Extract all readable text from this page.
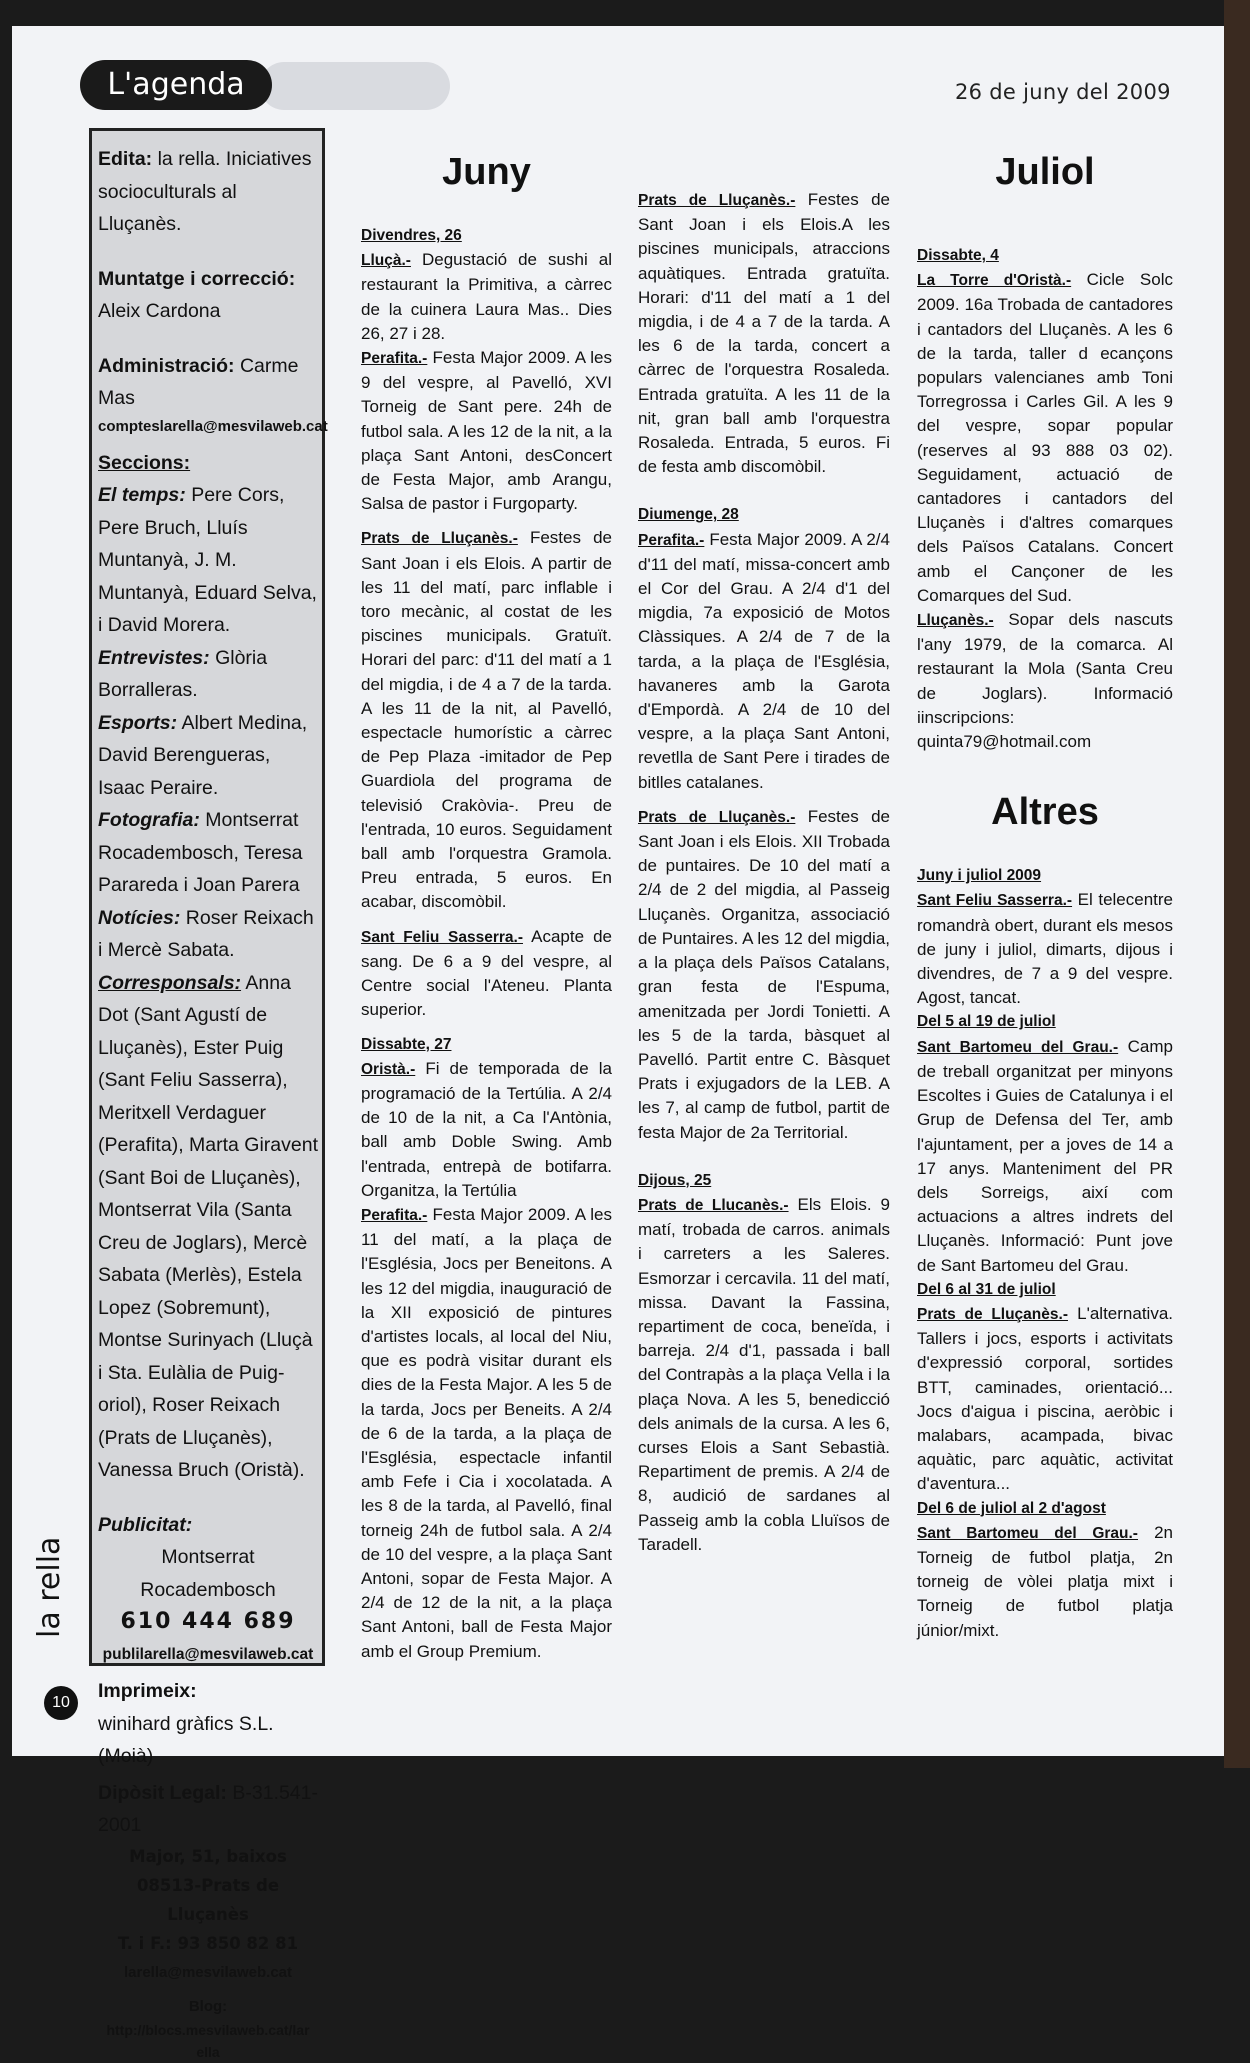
L'agenda	26 de juny del 2009

Edita: la rella. Iniciatives socioculturals al Lluçanès.

Muntatge i correcció: Aleix Cardona

Administració: Carme Mas

compteslarella@mesvilaweb.cat

Seccions:

El temps: Pere Cors, Pere Bruch, Lluís Muntanyà, J. M. Muntanyà, Eduard Selva, i David Morera.

Entrevistes: Glòria Borralleras.

Esports: Albert Medina, David Berengueras, Isaac Peraire.

Fotografia: Montserrat Rocadembosch, Teresa Parareda i Joan Parera

Notícies: Roser Reixach i Mercè Sabata.

Corresponsals: Anna Dot (Sant Agustí de Lluçanès), Ester Puig (Sant Feliu Sasserra), Meritxell Verdaguer (Perafita), Marta Giravent (Sant Boi de Lluçanès), Montserrat Vila (Santa Creu de Joglars), Mercè Sabata (Merlès), Estela Lopez (Sobremunt), Montse Surinyach (Lluçà i Sta. Eulàlia de Puig-oriol), Roser Reixach (Prats de Lluçanès), Vanessa Bruch (Oristà).

Publicitat:

Montserrat Rocadembosch

610 444 689

publilarella@mesvilaweb.cat

Imprimeix:

winihard gràfics S.L. (Moià)

Dipòsit Legal: B-31.541-2001

Major, 51, baixos

08513-Prats de Lluçanès

T. i F.: 93 850 82 81

larella@mesvilaweb.cat

Blog:

http://blocs.mesvilaweb.cat/larella

Juny
Divendres, 26

Lluçà.- Degustació de sushi al restaurant la Primitiva, a càrrec de la cuinera Laura Mas.. Dies 26, 27 i 28.

Perafita.- Festa Major 2009. A les 9 del vespre, al Pavelló, XVI Torneig de Sant pere. 24h de futbol sala. A les 12 de la nit, a la plaça Sant Antoni, desConcert de Festa Major, amb Arangu, Salsa de pastor i Furgoparty.

Prats de Lluçanès.- Festes de Sant Joan i els Elois. A partir de les 11 del matí, parc inflable i toro mecànic, al costat de les piscines municipals. Gratuït. Horari del parc: d'11 del matí a 1 del migdia, i de 4 a 7 de la tarda. A les 11 de la nit, al Pavelló, espectacle humorístic a càrrec de Pep Plaza -imitador de Pep Guardiola del programa de televisió Crakòvia-. Preu de l'entrada, 10 euros. Seguidament ball amb l'orquestra Gramola. Preu entrada, 5 euros. En acabar, discomòbil.

Sant Feliu Sasserra.- Acapte de sang. De 6 a 9 del vespre, al Centre social l'Ateneu. Planta superior.

Dissabte, 27

Oristà.- Fi de temporada de la programació de la Tertúlia. A 2/4 de 10 de la nit, a Ca l'Antònia, ball amb Doble Swing. Amb l'entrada, entrepà de botifarra. Organitza, la Tertúlia

Perafita.- Festa Major 2009. A les 11 del matí, a la plaça de l'Església, Jocs per Beneitons. A les 12 del migdia, inauguració de la XII exposició de pintures d'artistes locals, al local del Niu, que es podrà visitar durant els dies de la Festa Major. A les 5 de la tarda, Jocs per Beneits. A 2/4 de 6 de la tarda, a la plaça de l'Església, espectacle infantil amb Fefe i Cia i xocolatada. A les 8 de la tarda, al Pavelló, final torneig 24h de futbol sala. A 2/4 de 10 del vespre, a la plaça Sant Antoni, sopar de Festa Major. A 2/4 de 12 de la nit, a la plaça Sant Antoni, ball de Festa Major amb el Group Premium.

Prats de Lluçanès.- Festes de Sant Joan i els Elois.A les piscines municipals, atraccions aquàtiques. Entrada gratuïta. Horari: d'11 del matí a 1 del migdia, i de 4 a 7 de la tarda. A les 6 de la tarda, concert a càrrec de l'orquestra Rosaleda. Entrada gratuïta. A les 11 de la nit, gran ball amb l'orquestra Rosaleda. Entrada, 5 euros. Fi de festa amb discomòbil.

Diumenge, 28

Perafita.- Festa Major 2009. A 2/4 d'11 del matí, missa-concert amb el Cor del Grau. A 2/4 d'1 del migdia, 7a exposició de Motos Clàssiques. A 2/4 de 7 de la tarda, a la plaça de l'Església, havaneres amb la Garota d'Empordà. A 2/4 de 10 del vespre, a la plaça Sant Antoni, revetlla de Sant Pere i tirades de bitlles catalanes.

Prats de Lluçanès.- Festes de Sant Joan i els Elois. XII Trobada de puntaires. De 10 del matí a 2/4 de 2 del migdia, al Passeig Lluçanès. Organitza, associació de Puntaires. A les 12 del migdia, a la plaça dels Països Catalans, gran festa de l'Espuma, amenitzada per Jordi Tonietti. A les 5 de la tarda, bàsquet al Pavelló. Partit entre C. Bàsquet Prats i exjugadors de la LEB. A les 7, al camp de futbol, partit de festa Major de 2a Territorial.

Dijous, 25

Prats de Llucanès.- Els Elois. 9 matí, trobada de carros. animals i carreters a les Saleres. Esmorzar i cercavila. 11 del matí, missa. Davant la Fassina, repartiment de coca, beneïda, i barreja. 2/4 d'1, passada i ball del Contrapàs a la plaça Vella i la plaça Nova. A les 5, benedicció dels animals de la cursa. A les 6, curses Elois a Sant Sebastià. Repartiment de premis. A 2/4 de 8, audició de sardanes al Passeig amb la cobla Lluïsos de Taradell.

Juliol
Dissabte, 4

La Torre d'Oristà.- Cicle Solc 2009. 16a Trobada de cantadores i cantadors del Lluçanès. A les 6 de la tarda, taller d ecançons populars valencianes amb Toni Torregrossa i Carles Gil. A les 9 del vespre, sopar popular (reserves al 93 888 03 02). Seguidament, actuació de cantadores i cantadors del Lluçanès i d'altres comarques dels Països Catalans. Concert amb el Cançoner de les Comarques del Sud.

Lluçanès.- Sopar dels nascuts l'any 1979, de la comarca. Al restaurant la Mola (Santa Creu de Joglars). Informació iinscripcions: quinta79@hotmail.com

Altres
Juny i juliol 2009

Sant Feliu Sasserra.- El telecentre romandrà obert, durant els mesos de juny i juliol, dimarts, dijous i divendres, de 7 a 9 del vespre. Agost, tancat.

Del 5 al 19 de juliol

Sant Bartomeu del Grau.- Camp de treball organitzat per minyons Escoltes i Guies de Catalunya i el Grup de Defensa del Ter, amb l'ajuntament, per a joves de 14 a 17 anys. Manteniment del PR dels Sorreigs, així com actuacions a altres indrets del Lluçanès. Informació: Punt jove de Sant Bartomeu del Grau.

Del 6 al 31 de juliol

Prats de Lluçanès.- L'alternativa. Tallers i jocs, esports i activitats d'expressió corporal, sortides BTT, caminades, orientació... Jocs d'aigua i piscina, aeròbic i malabars, acampada, bivac aquàtic, parc aquàtic, activitat d'aventura...

Del 6 de juliol al 2 d'agost

Sant Bartomeu del Grau.- 2n Torneig de futbol platja, 2n torneig de vòlei platja mixt i Torneig de futbol platja júnior/mixt.

la rella
10
